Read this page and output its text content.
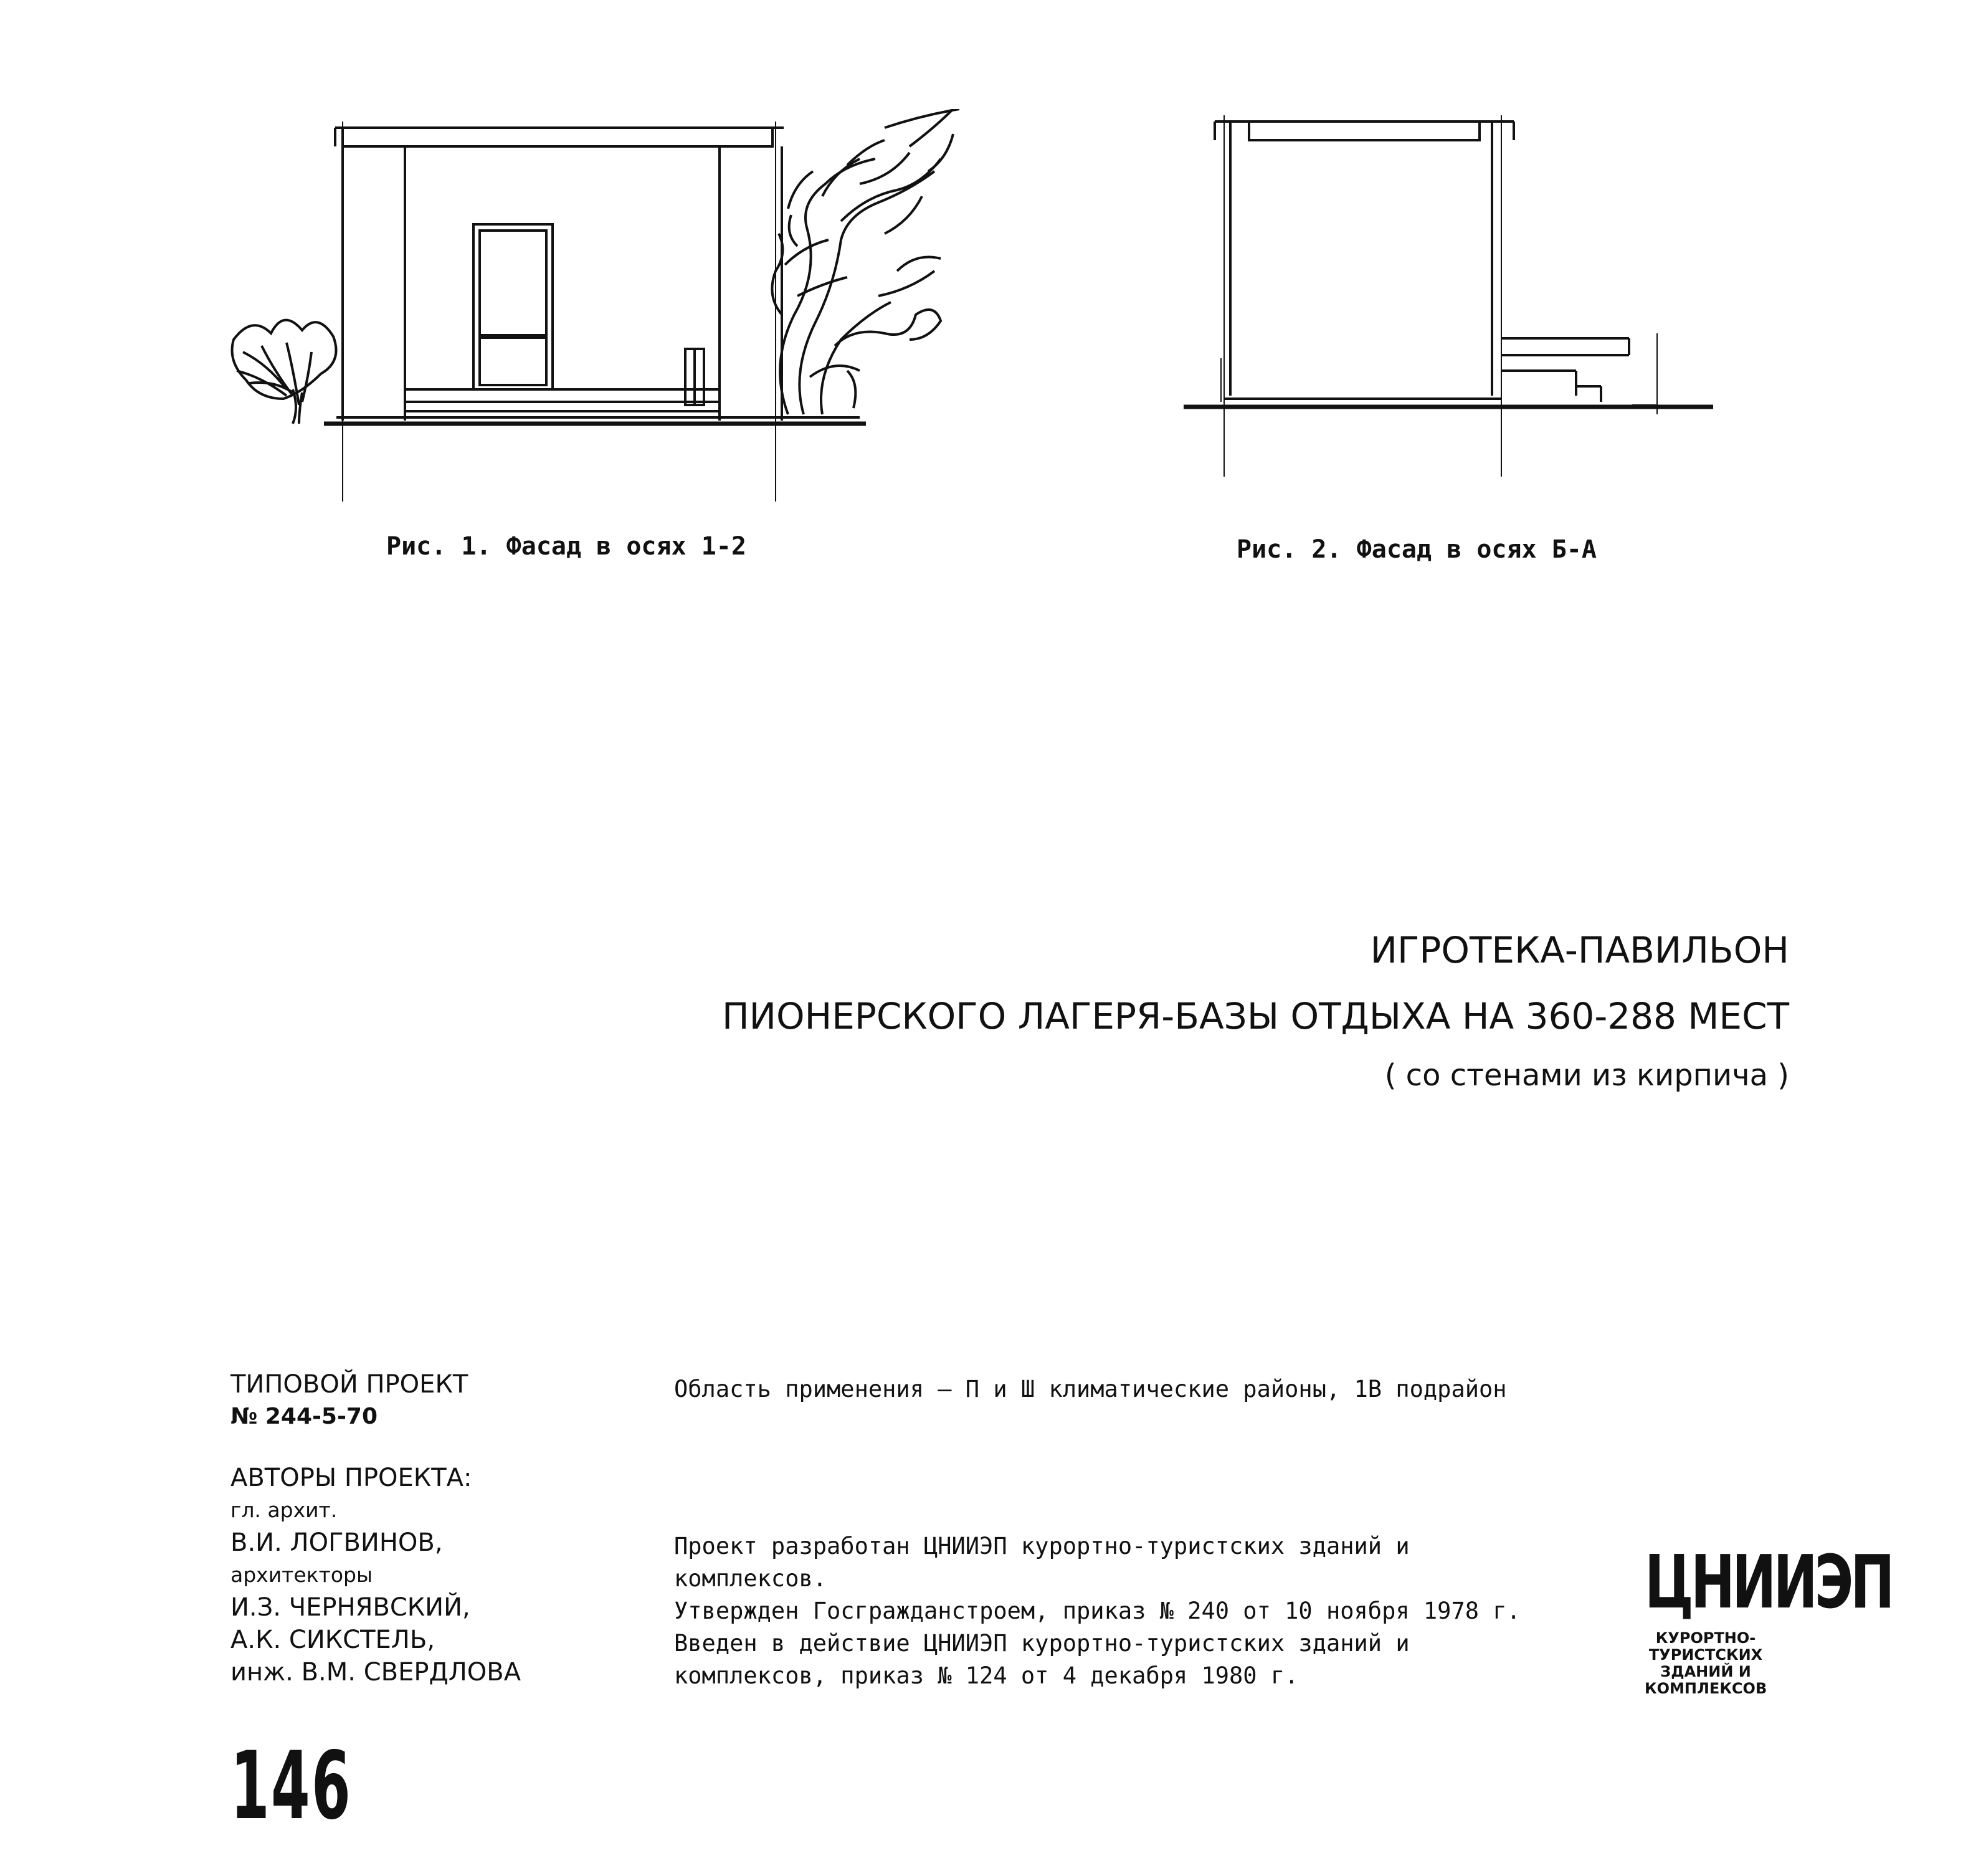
Рис. 1. Фасад в осях 1-2	Рис. 2. Фасад в осях Б-А
ИГРОТЕКА-ПАВИЛЬОН
ПИОНЕРСКОГО ЛАГЕРЯ-БАЗЫ ОТДЫХА НА 360-288 МЕСТ
( со стенами из кирпича )
ТИПОВОЙ ПРОЕКТ
№ 244-5-70
АВТОРЫ ПРОЕКТА:
гл. архит.
В.И. ЛОГВИНОВ,
архитекторы
И.З. ЧЕРНЯВСКИЙ,
А.К. СИКСТЕЛЬ,
инж. В.М. СВЕРДЛОВА
Область применения – П и Ш климатические районы, 1В подрайон
Проект разработан ЦНИИЭП курортно-туристских зданий и комплексов.
Утвержден Госгражданстроем, приказ № 240 от 10 ноября 1978 г.
Введен в действие ЦНИИЭП курортно-туристских зданий и комплексов, приказ № 124 от 4 декабря 1980 г.
ЦНИИЭП
КУРОРТНО-
ТУРИСТСКИХ
ЗДАНИЙ И
КОМПЛЕКСОВ
146
